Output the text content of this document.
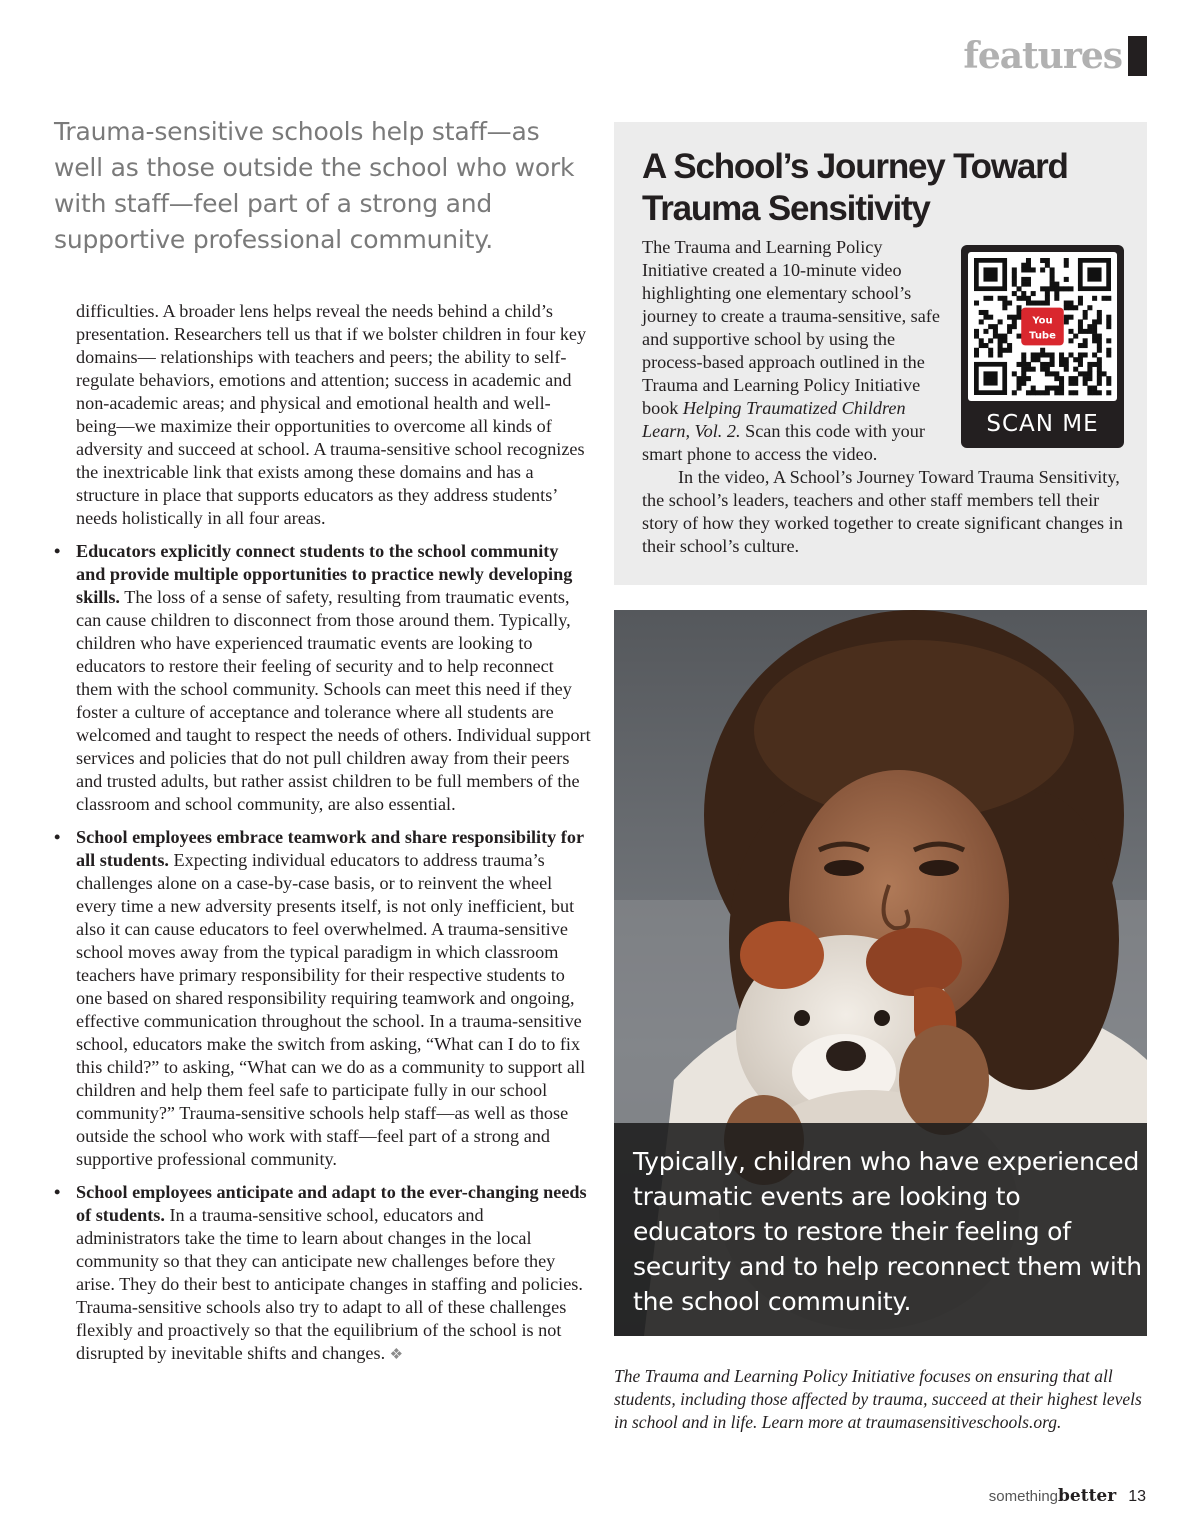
features

Trauma-sensitive schools help staff—as well as those outside the school who work with staff—feel part of a strong and supportive professional community.

difficulties. A broader lens helps reveal the needs behind a child’s presentation. Researchers tell us that if we bolster children in four key domains— relationships with teachers and peers; the ability to self-regulate behaviors, emotions and attention; success in academic and non-academic areas; and physical and emotional health and well-being—we maximize their opportunities to overcome all kinds of adversity and succeed at school. A trauma-sensitive school recognizes the inextricable link that exists among these domains and has a structure in place that supports educators as they address students’ needs holistically in all four areas.

• Educators explicitly connect students to the school community and provide multiple opportunities to practice newly developing skills. The loss of a sense of safety, resulting from traumatic events, can cause children to disconnect from those around them. Typically, children who have experienced traumatic events are looking to educators to restore their feeling of security and to help reconnect them with the school community. Schools can meet this need if they foster a culture of acceptance and tolerance where all students are welcomed and taught to respect the needs of others. Individual support services and policies that do not pull children away from their peers and trusted adults, but rather assist children to be full members of the classroom and school community, are also essential.
• School employees embrace teamwork and share responsibility for all students. Expecting individual educators to address trauma’s challenges alone on a case-by-case basis, or to reinvent the wheel every time a new adversity presents itself, is not only inefficient, but also it can cause educators to feel overwhelmed. A trauma-sensitive school moves away from the typical paradigm in which classroom teachers have primary responsibility for their respective students to one based on shared responsibility requiring teamwork and ongoing, effective communication throughout the school. In a trauma-sensitive school, educators make the switch from asking, “What can I do to fix this child?” to asking, “What can we do as a community to support all children and help them feel safe to participate fully in our school community?” Trauma-sensitive schools help staff—as well as those outside the school who work with staff—feel part of a strong and supportive professional community.
• School employees anticipate and adapt to the ever-changing needs of students. In a trauma-sensitive school, educators and administrators take the time to learn about changes in the local community so that they can anticipate new challenges before they arise. They do their best to anticipate changes in staffing and policies. Trauma-sensitive schools also try to adapt to all of these challenges flexibly and proactively so that the equilibrium of the school is not disrupted by inevitable shifts and changes. ❖
A School’s Journey Toward Trauma Sensitivity
You
Tube
SCAN ME

The Trauma and Learning Policy Initiative created a 10-minute video highlighting one elementary school’s journey to create a trauma-sensitive, safe and supportive school by using the process-based approach outlined in the Trauma and Learning Policy Initiative book Helping Traumatized Children Learn, Vol. 2. Scan this code with your smart phone to access the video.

In the video, A School’s Journey Toward Trauma Sensitivity, the school’s leaders, teachers and other staff members tell their story of how they worked together to create significant changes in their school’s culture.

Typically, children who have experienced traumatic events are looking to educators to restore their feeling of security and to help reconnect them with the school community.

The Trauma and Learning Policy Initiative focuses on ensuring that all students, including those affected by trauma, succeed at their highest levels in school and in life. Learn more at traumasensitiveschools.org.

somethingbetter 13
